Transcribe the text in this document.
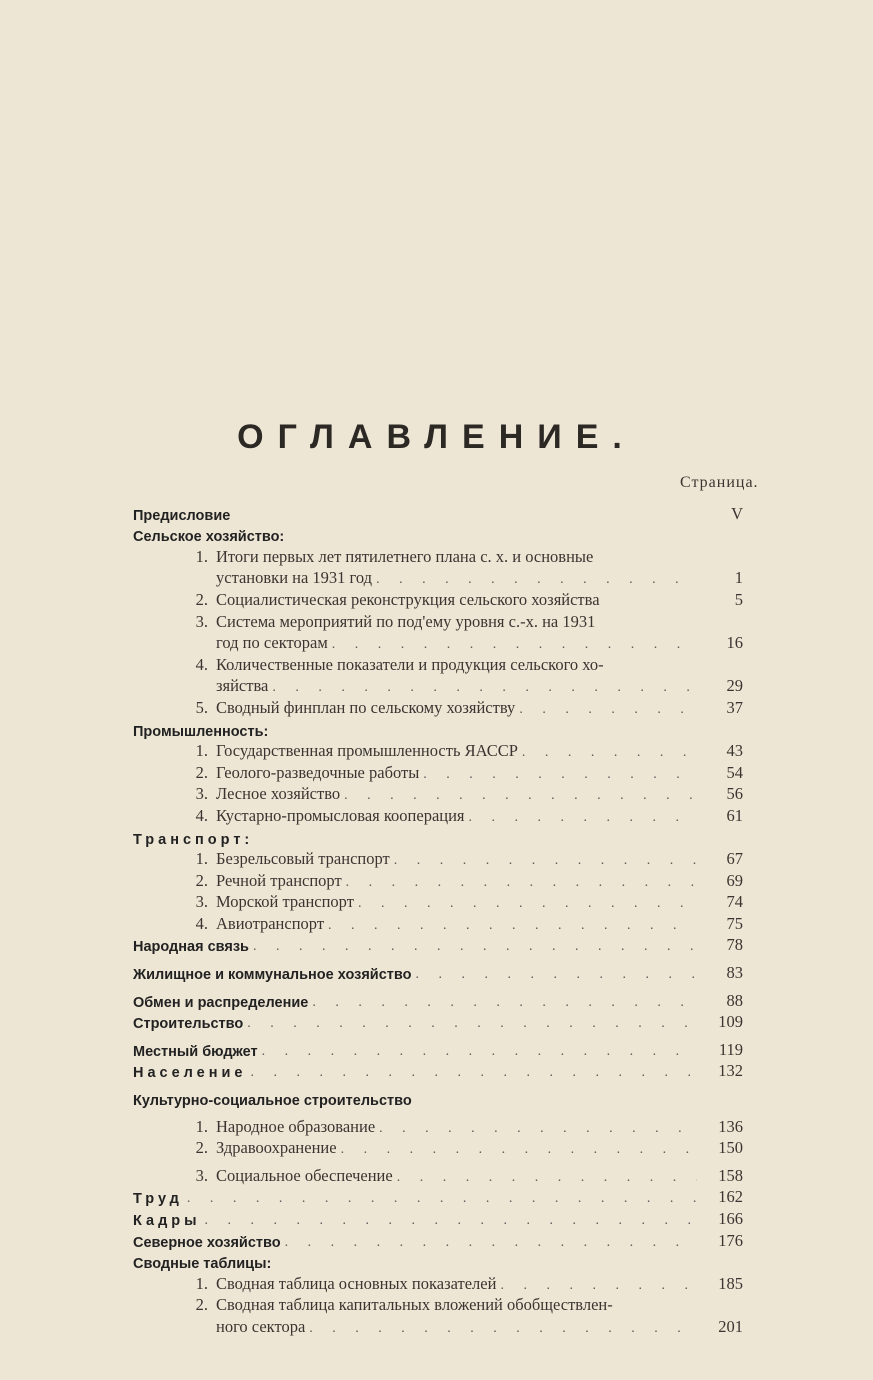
ОГЛАВЛЕНИЕ.
Страница.
Предисловие	V
Сельское хозяйство:
1. Итоги первых лет пятилетнего плана с. х. и основные
установки на 1931 год . . .	1
2. Социалистическая реконструкция сельского хозяйства	5
3. Система мероприятий по под'ему уровня с.-х. на 1931
год по секторам . . .	16
4. Количественные показатели и продукция сельского хо-
зяйства . . .	29
5. Сводный финплан по сельскому хозяйству . . .	37
Промышленность:
1. Государственная промышленность ЯАССР . . .	43
2. Геолого-разведочные работы . . .	54
3. Лесное хозяйство . . .	56
4. Кустарно-промысловая кооперация . . .	61
Транспорт:
1. Безрельсовый транспорт . . .	67
2. Речной транспорт . . .	69
3. Морской транспорт . . .	74
4. Авиотранспорт . . .	75
Народная связь . . .	78
Жилищное и коммунальное хозяйство . . .	83
Обмен и распределение . . .	88
Строительство . . .	109
Местный бюджет . . .	119
Население . . .	132
Культурно-социальное строительство
1. Народное образование . . .	136
2. Здравоохранение . . .	150
3. Социальное обеспечение . . .	158
Труд . . .	162
Кадры . . .	166
Северное хозяйство . . .	176
Сводные таблицы:
1. Сводная таблица основных показателей . . .	185
2. Сводная таблица капитальных вложений обобществлен-
ного сектора . . .	201
